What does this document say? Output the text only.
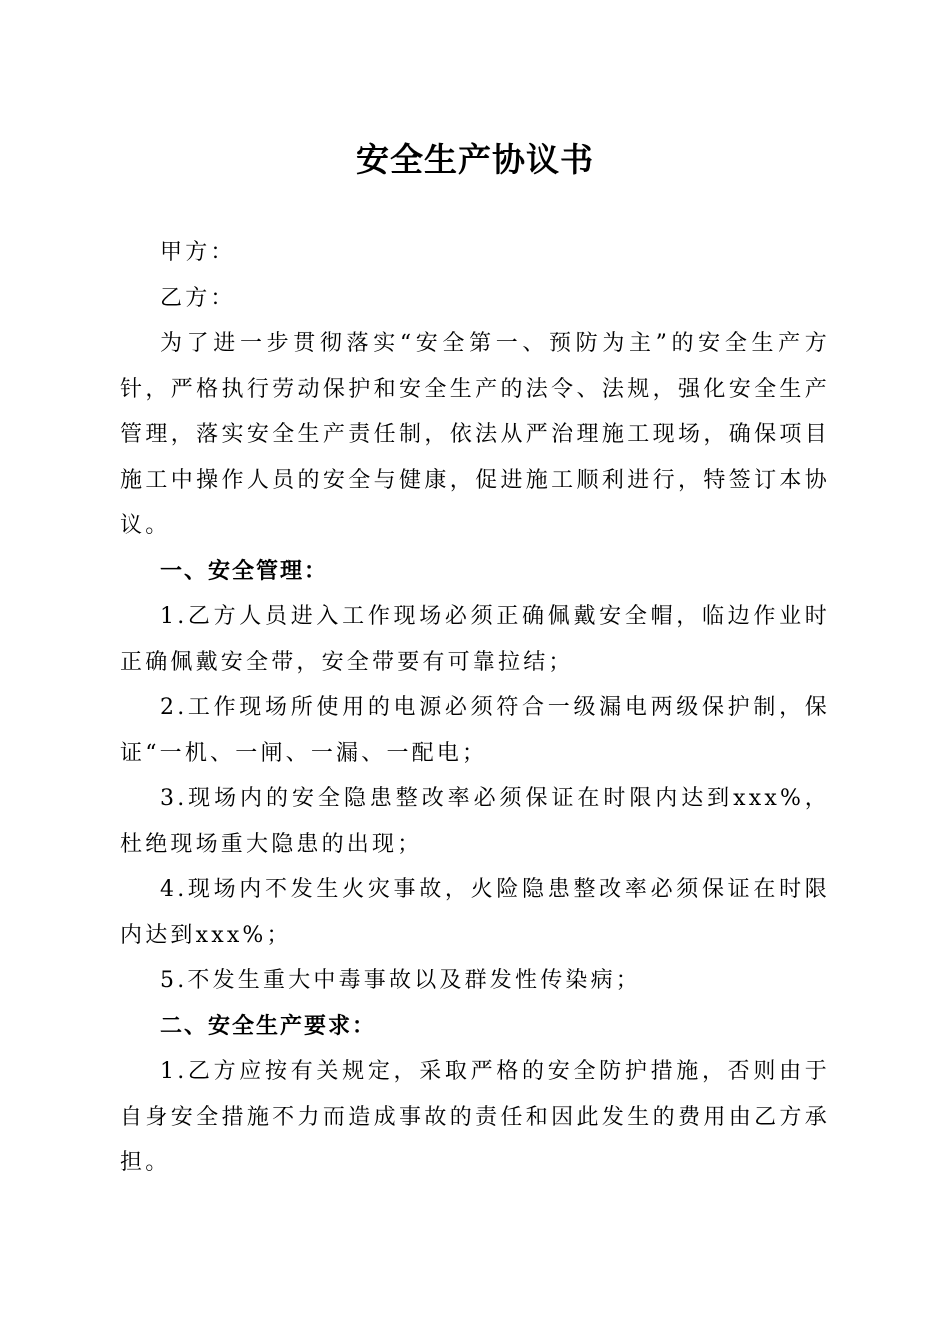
安全生产协议书

甲方：

乙方：

为了进一步贯彻落实“安全第一、预防为主”的安全生产方针，严格执行劳动保护和安全生产的法令、法规，强化安全生产管理，落实安全生产责任制，依法从严治理施工现场，确保项目施工中操作人员的安全与健康，促进施工顺利进行，特签订本协议。

一、安全管理：

1.乙方人员进入工作现场必须正确佩戴安全帽，临边作业时正确佩戴安全带，安全带要有可靠拉结；

2.工作现场所使用的电源必须符合一级漏电两级保护制，保证“一机、一闸、一漏、一配电；

3.现场内的安全隐患整改率必须保证在时限内达到xxx%，杜绝现场重大隐患的出现；

4.现场内不发生火灾事故，火险隐患整改率必须保证在时限内达到xxx%；

5.不发生重大中毒事故以及群发性传染病；

二、安全生产要求：

1.乙方应按有关规定，采取严格的安全防护措施，否则由于自身安全措施不力而造成事故的责任和因此发生的费用由乙方承担。
